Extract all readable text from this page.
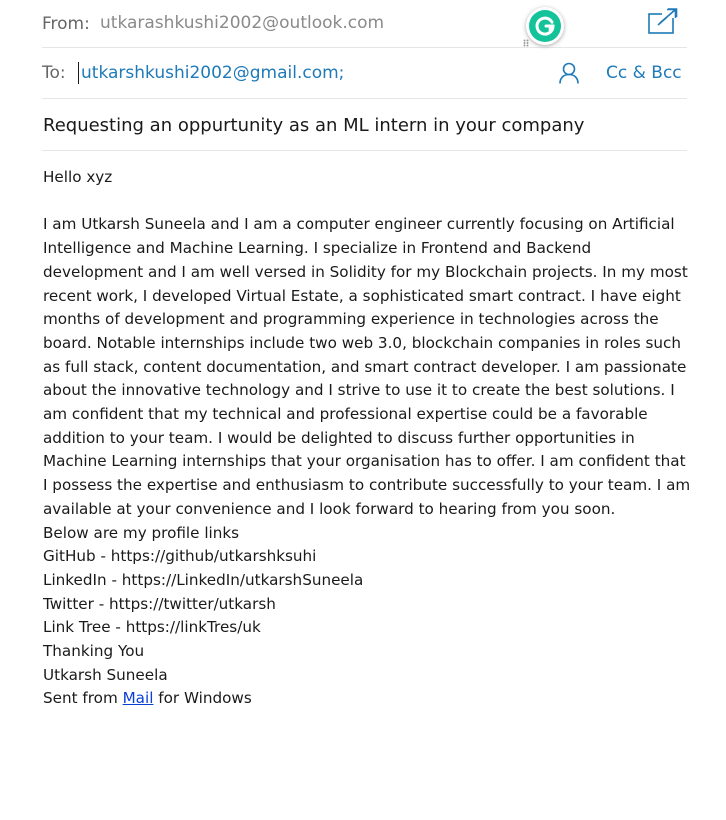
From: utkarashkushi2002@outlook.com
To: utkarshkushi2002@gmail.com;	Cc & Bcc
Requesting an oppurtunity as an ML intern in your company

Hello xyz

I am Utkarsh Suneela and I am a computer engineer currently focusing on Artificial Intelligence and Machine Learning. I specialize in Frontend and Backend development and I am well versed in Solidity for my Blockchain projects. In my most recent work, I developed Virtual Estate, a sophisticated smart contract. I have eight months of development and programming experience in technologies across the board. Notable internships include two web 3.0, blockchain companies in roles such as full stack, content documentation, and smart contract developer. I am passionate about the innovative technology and I strive to use it to create the best solutions. I am confident that my technical and professional expertise could be a favorable addition to your team. I would be delighted to discuss further opportunities in Machine Learning internships that your organisation has to offer. I am confident that I possess the expertise and enthusiasm to contribute successfully to your team. I am available at your convenience and I look forward to hearing from you soon.

Below are my profile links

GitHub - https://github/utkarshksuhi

LinkedIn - https://LinkedIn/utkarshSuneela

Twitter - https://twitter/utkarsh

Link Tree - https://linkTres/uk

Thanking You

Utkarsh Suneela

Sent from Mail for Windows
